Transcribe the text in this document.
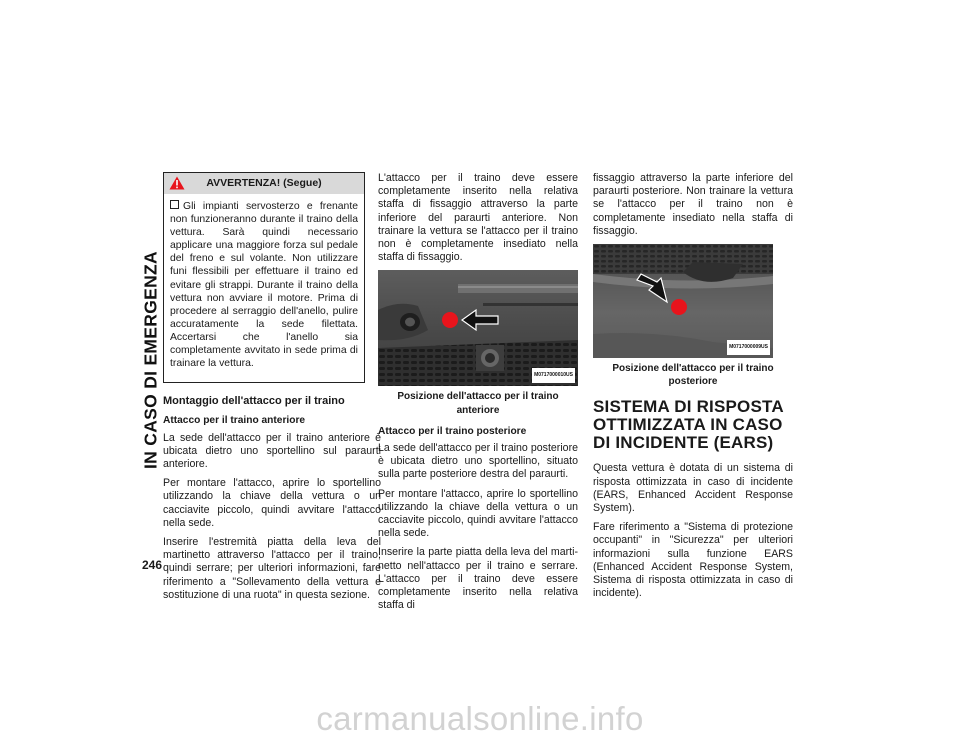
IN CASO DI EMERGENZA
246
AVVERTENZA! (Segue)

Gli impianti servosterzo e frenante non funzioneranno durante il traino della vettura. Sarà quindi necessario applicare una maggiore forza sul pedale del freno e sul volante. Non utilizzare funi flessibili per effettuare il traino ed evitare gli strappi. Durante il traino della vettura non avviare il motore. Prima di procedere al serraggio dell'anello, pulire accuratamente la sede filettata. Accertarsi che l'anello sia completamente avvitato in sede prima di trainare la vettura.

Montaggio dell'attacco per il traino
Attacco per il traino anteriore

La sede dell'attacco per il traino anteriore è ubicata dietro uno sportellino sul paraurti anteriore.

Per montare l'attacco, aprire lo sportellino utilizzando la chiave della vettura o un cacciavite piccolo, quindi avvitare l'attacco nella sede.

Inserire l'estremità piatta della leva del martinetto attraverso l'attacco per il traino, quindi serrare; per ulteriori informazioni, fare riferimento a "Sollevamento della vettura e sostituzione di una ruota" in questa sezione.

L'attacco per il traino deve essere completamente inserito nella relativa staffa di fissaggio attraverso la parte inferiore del paraurti anteriore. Non trainare la vettura se l'attacco per il traino non è completamente insediato nella staffa di fissaggio.

M0717000010US
Posizione dell'attacco per il traino anteriore
Attacco per il traino posteriore

La sede dell'attacco per il traino posteriore è ubicata dietro uno sportellino, situato sulla parte posteriore destra del paraurti.

Per montare l'attacco, aprire lo sportellino utilizzando la chiave della vettura o un cacciavite piccolo, quindi avvitare l'attacco nella sede.

Inserire la parte piatta della leva del martinetto nell'attacco per il traino e serrare. L'attacco per il traino deve essere completamente inserito nella relativa staffa di

fissaggio attraverso la parte inferiore del paraurti posteriore. Non trainare la vettura se l'attacco per il traino non è completamente insediato nella staffa di fissaggio.

M0717000009US
Posizione dell'attacco per il traino posteriore
SISTEMA DI RISPOSTA OTTIMIZZATA IN CASO DI INCIDENTE (EARS)

Questa vettura è dotata di un sistema di risposta ottimizzata in caso di incidente (EARS, Enhanced Accident Response System).

Fare riferimento a "Sistema di protezione occupanti" in "Sicurezza" per ulteriori informazioni sulla funzione EARS (Enhanced Accident Response System, Sistema di risposta ottimizzata in caso di incidente).

carmanualsonline.info
